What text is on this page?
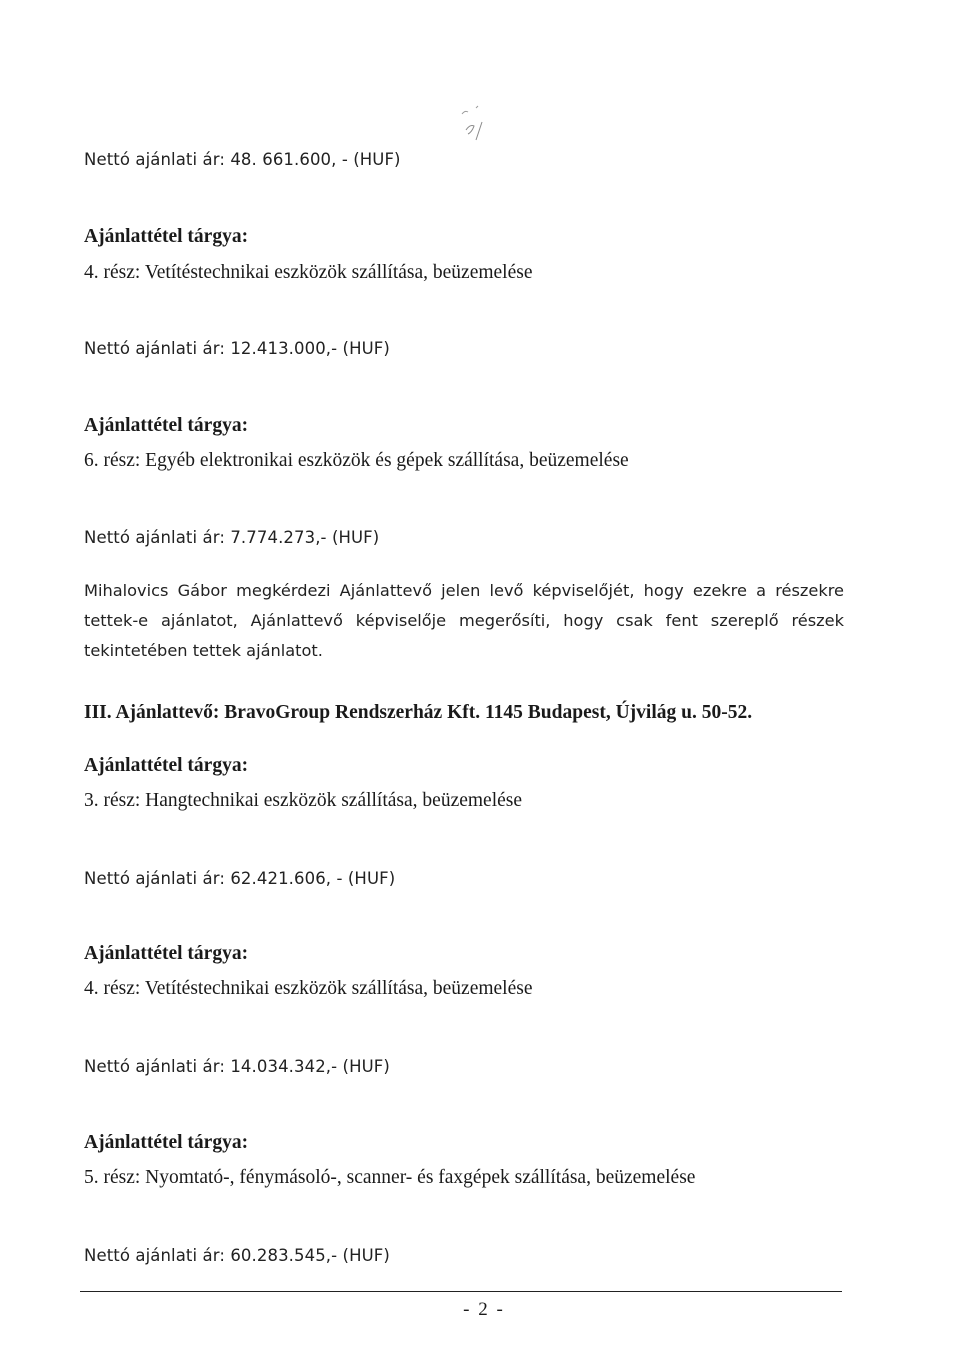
Nettó ajánlati ár: 48. 661.600, - (HUF)
Ajánlattétel tárgya:
4. rész: Vetítéstechnikai eszközök szállítása, beüzemelése
Nettó ajánlati ár: 12.413.000,- (HUF)
Ajánlattétel tárgya:
6. rész: Egyéb elektronikai eszközök és gépek szállítása, beüzemelése
Nettó ajánlati ár: 7.774.273,- (HUF)
Mihalovics Gábor megkérdezi Ajánlattevő jelen levő képviselőjét, hogy ezekre a részekre tettek-e ajánlatot, Ajánlattevő képviselője megerősíti, hogy csak fent szereplő részek tekintetében tettek ajánlatot.
III. Ajánlattevő: BravoGroup Rendszerház Kft. 1145 Budapest, Újvilág u. 50-52.
Ajánlattétel tárgya:
3. rész: Hangtechnikai eszközök szállítása, beüzemelése
Nettó ajánlati ár: 62.421.606, - (HUF)
Ajánlattétel tárgya:
4. rész: Vetítéstechnikai eszközök szállítása, beüzemelése
Nettó ajánlati ár: 14.034.342,- (HUF)
Ajánlattétel tárgya:
5. rész: Nyomtató-, fénymásoló-, scanner- és faxgépek szállítása, beüzemelése
Nettó ajánlati ár: 60.283.545,- (HUF)
- 2 -
